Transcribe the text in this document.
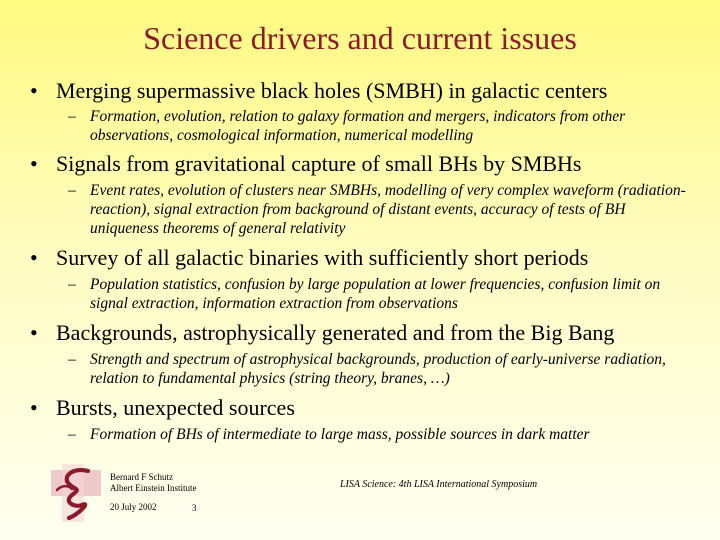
Science drivers and current issues
• Merging supermassive black holes (SMBH) in galactic centers
– Formation, evolution, relation to galaxy formation and mergers, indicators from other observations, cosmological information, numerical modelling
• Signals from gravitational capture of small BHs by SMBHs
– Event rates, evolution of clusters near SMBHs, modelling of very complex waveform (radiation-reaction), signal extraction from background of distant events, accuracy of tests of BH uniqueness theorems of general relativity
• Survey of all galactic binaries with sufficiently short periods
– Population statistics, confusion by large population at lower frequencies, confusion limit on signal extraction, information extraction from observations
• Backgrounds, astrophysically generated and from the Big Bang
– Strength and spectrum of astrophysical backgrounds, production of early-universe radiation, relation to fundamental physics (string theory, branes, …)
• Bursts, unexpected sources
– Formation of BHs of intermediate to large mass, possible sources in dark matter
Bernard F Schutz
Albert Einstein Institute
20 July 2002	3
LISA Science: 4th LISA International Symposium
